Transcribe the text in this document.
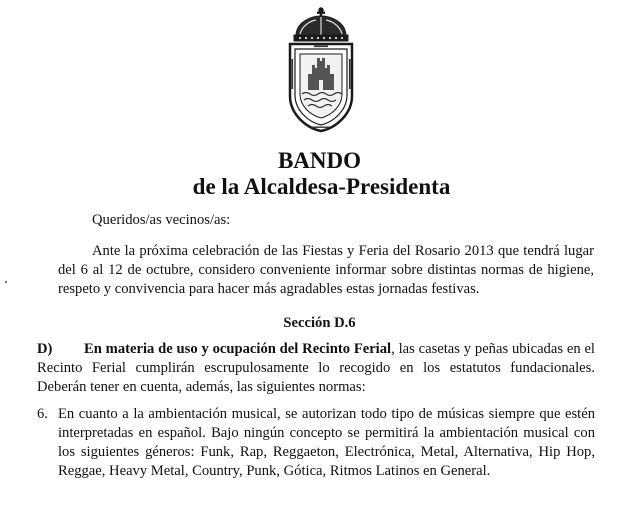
BANDO
de la Alcaldesa-Presidenta

Queridos/as vecinos/as:

Ante la próxima celebración de las Fiestas y Feria del Rosario 2013 que tendrá lugar del 6 al 12 de octubre, considero conveniente informar sobre distintas normas de higiene, respeto y convivencia para hacer más agradables estas jornadas festivas.

Sección D.6

D) En materia de uso y ocupación del Recinto Ferial, las casetas y peñas ubicadas en el Recinto Ferial cumplirán escrupulosamente lo recogido en los estatutos fundacionales. Deberán tener en cuenta, además, las siguientes normas:

6. En cuanto a la ambientación musical, se autorizan todo tipo de músicas siempre que estén interpretadas en español. Bajo ningún concepto se permitirá la ambientación musical con los siguientes géneros: Funk, Rap, Reggaeton, Electrónica, Metal, Alternativa, Hip Hop, Reggae, Heavy Metal, Country, Punk, Gótica, Ritmos Latinos en General.
